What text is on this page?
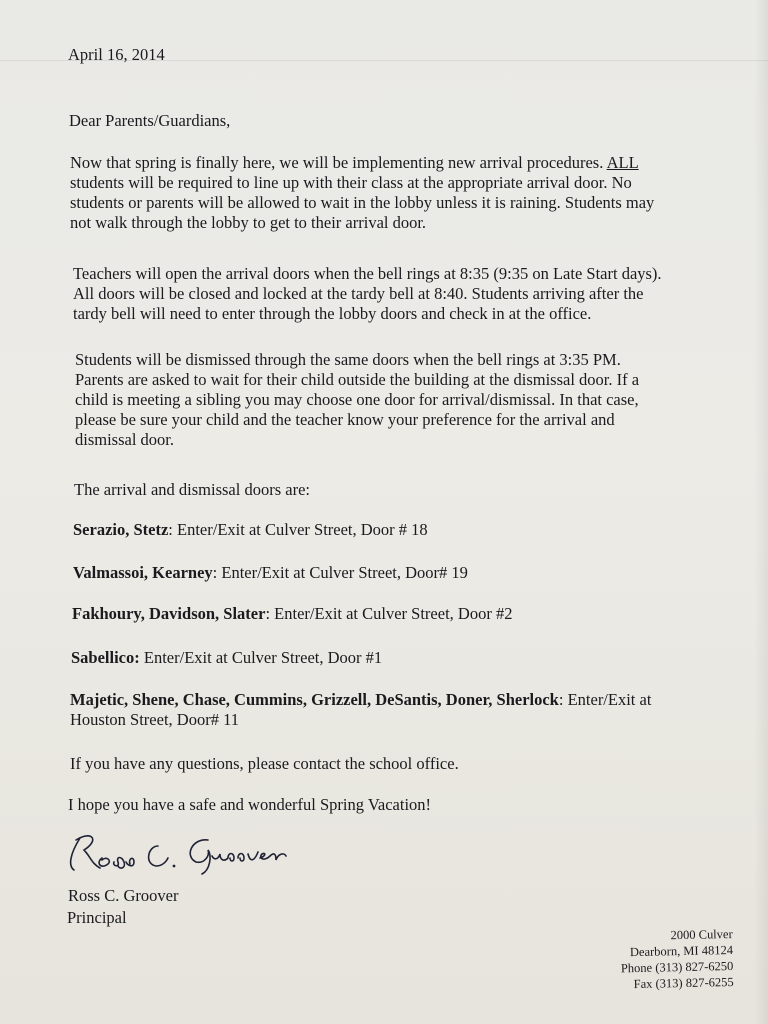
April 16, 2014
Dear Parents/Guardians,
Now that spring is finally here, we will be implementing new arrival procedures. ALL
students will be required to line up with their class at the appropriate arrival door. No
students or parents will be allowed to wait in the lobby unless it is raining. Students may
not walk through the lobby to get to their arrival door.
Teachers will open the arrival doors when the bell rings at 8:35 (9:35 on Late Start days).
All doors will be closed and locked at the tardy bell at 8:40. Students arriving after the
tardy bell will need to enter through the lobby doors and check in at the office.
Students will be dismissed through the same doors when the bell rings at 3:35 PM.
Parents are asked to wait for their child outside the building at the dismissal door. If a
child is meeting a sibling you may choose one door for arrival/dismissal. In that case,
please be sure your child and the teacher know your preference for the arrival and
dismissal door.
The arrival and dismissal doors are:
Serazio, Stetz: Enter/Exit at Culver Street, Door # 18
Valmassoi, Kearney: Enter/Exit at Culver Street, Door# 19
Fakhoury, Davidson, Slater: Enter/Exit at Culver Street, Door #2
Sabellico: Enter/Exit at Culver Street, Door #1
Majetic, Shene, Chase, Cummins, Grizzell, DeSantis, Doner, Sherlock: Enter/Exit at
Houston Street, Door# 11
If you have any questions, please contact the school office.
I hope you have a safe and wonderful Spring Vacation!
Ross C. Groover
Principal
2000 Culver
Dearborn, MI 48124
Phone (313) 827-6250
Fax (313) 827-6255
